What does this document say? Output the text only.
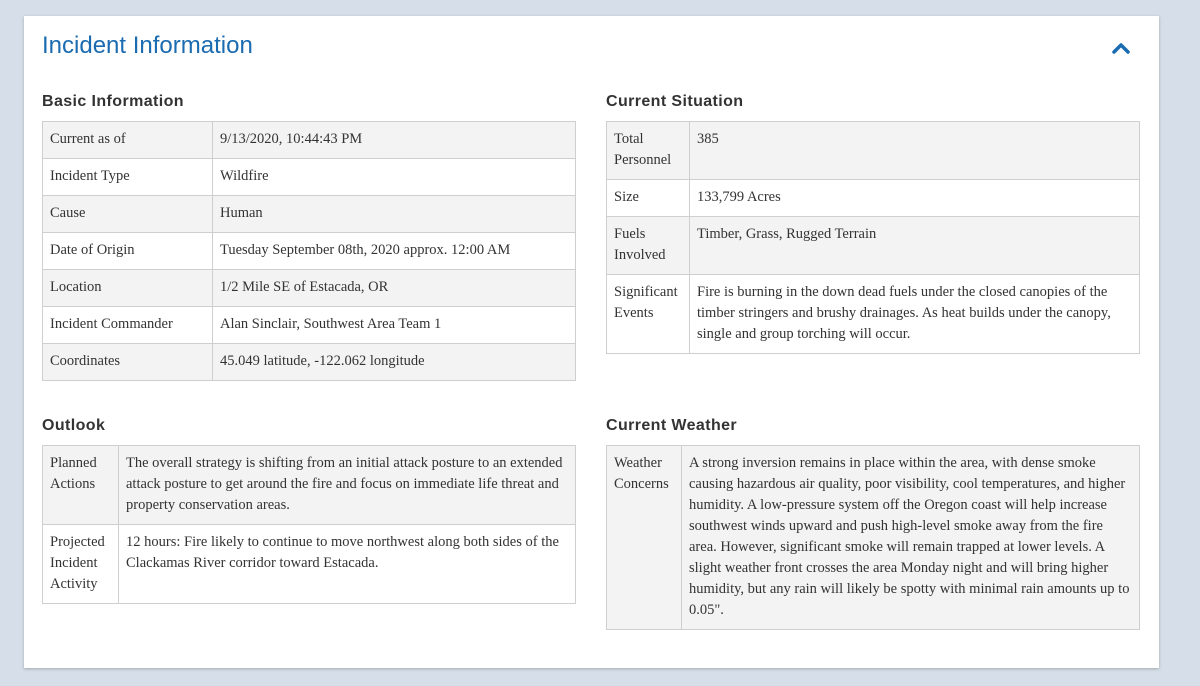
Incident Information
Basic Information
Current as of	9/13/2020, 10:44:43 PM
Incident Type	Wildfire
Cause	Human
Date of Origin	Tuesday September 08th, 2020 approx. 12:00 AM
Location	1/2 Mile SE of Estacada, OR
Incident Commander	Alan Sinclair, Southwest Area Team 1
Coordinates	45.049 latitude, -122.062 longitude
Current Situation
Total Personnel	385
Size	133,799 Acres
Fuels Involved	Timber, Grass, Rugged Terrain
Significant Events	Fire is burning in the down dead fuels under the closed canopies of the timber stringers and brushy drainages. As heat builds under the canopy, single and group torching will occur.
Outlook
Planned Actions	The overall strategy is shifting from an initial attack posture to an extended attack posture to get around the fire and focus on immediate life threat and property conservation areas.
Projected Incident Activity	12 hours: Fire likely to continue to move northwest along both sides of the Clackamas River corridor toward Estacada.
Current Weather
Weather Concerns	A strong inversion remains in place within the area, with dense smoke causing hazardous air quality, poor visibility, cool temperatures, and higher humidity. A low-pressure system off the Oregon coast will help increase southwest winds upward and push high-level smoke away from the fire area. However, significant smoke will remain trapped at lower levels. A slight weather front crosses the area Monday night and will bring higher humidity, but any rain will likely be spotty with minimal rain amounts up to 0.05".
